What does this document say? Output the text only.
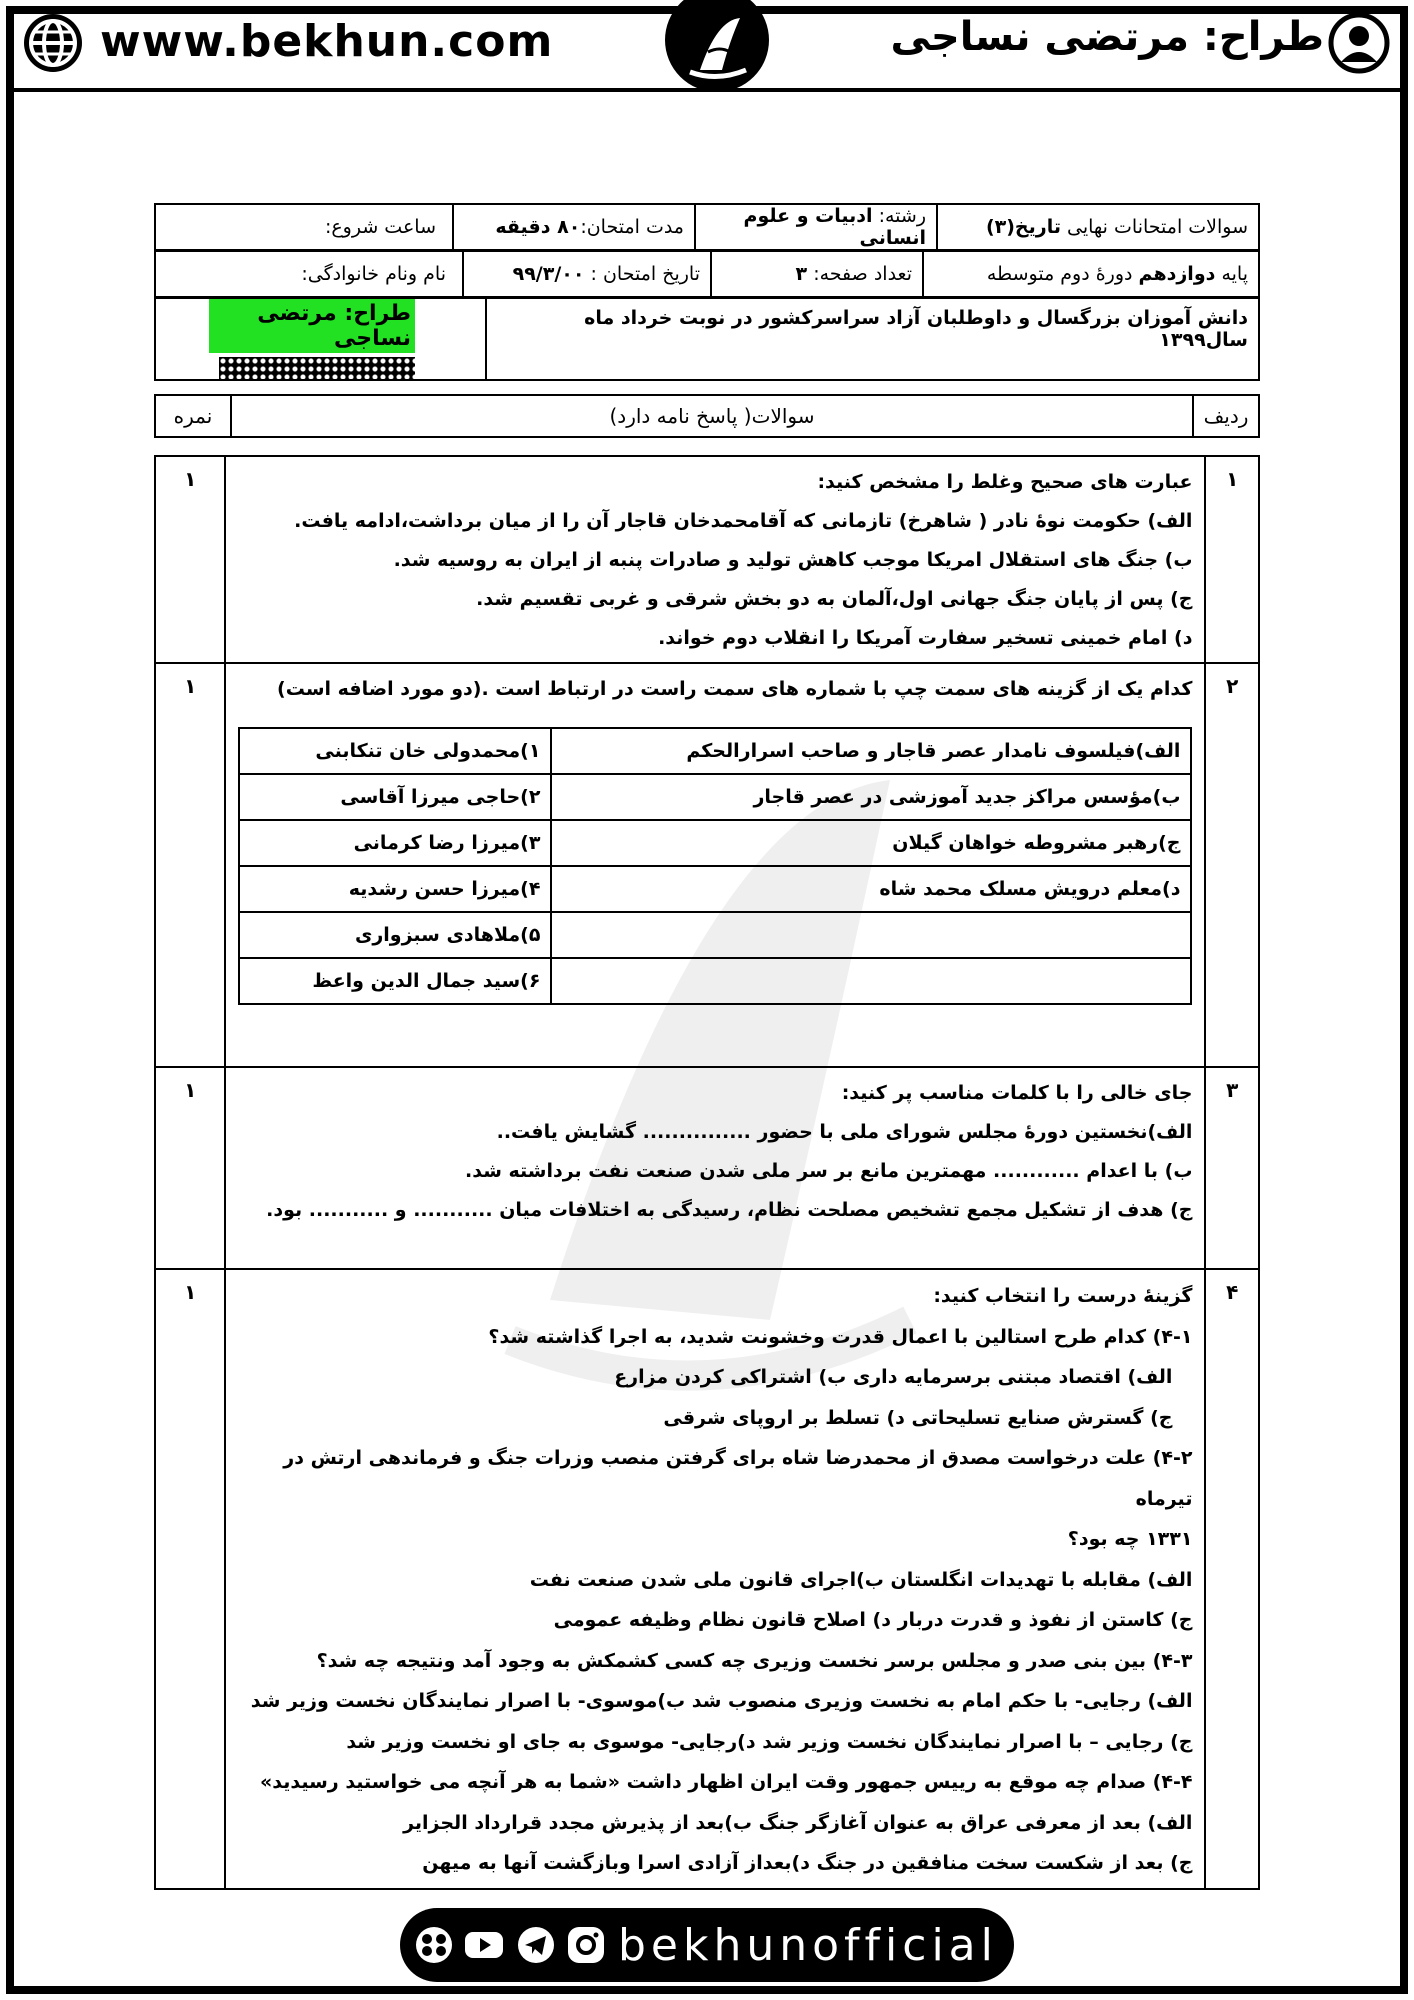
www.bekhun.com	طراح: مرتضی نساجی
سوالات امتحانات نهایی تاریخ(۳)	رشته: ادبیات و علوم انسانی	مدت امتحان:۸۰ دقیقه	ساعت شروع:
پایه دوازدهم دورهٔ دوم متوسطه	تعداد صفحه: ۳	تاریخ امتحان : ۹۹/۳/۰۰	نام ونام خانوادگی:
دانش آموزان بزرگسال و داوطلبان آزاد سراسرکشور در نوبت خرداد ماه سال۱۳۹۹	
طراح: مرتضی نساجی
ردیف	سوالات( پاسخ نامه دارد)	نمره
۱	

عبارت های صحیح وغلط را مشخص کنید:

الف) حکومت نوهٔ نادر ( شاهرخ) تازمانی که آقامحمدخان قاجار آن را از میان برداشت،ادامه یافت.

ب) جنگ های استقلال امریکا موجب کاهش تولید و صادرات پنبه از ایران به روسیه شد.

ج) پس از پایان جنگ جهانی اول،آلمان به دو بخش شرقی و غربی تقسیم شد.

د) امام خمینی تسخیر سفارت آمریکا را انقلاب دوم خواند.

	۱
۲	

کدام یک از گزینه های سمت چپ با شماره های سمت راست در ارتباط است .(دو مورد اضافه است)

الف)فیلسوف نامدار عصر قاجار و صاحب اسرارالحکم	۱)محمدولی خان تنکابنی
ب)مؤسس مراکز جدید آموزشی در عصر قاجار	۲)حاجی میرزا آقاسی
ج)رهبر مشروطه خواهان گیلان	۳)میرزا رضا کرمانی
د)معلم درویش مسلک محمد شاه	۴)میرزا حسن رشدیه
	۵)ملاهادی سبزواری
	۶)سید جمال الدین واعظ
	۱
۳	

جای خالی را با کلمات مناسب پر کنید:

الف)نخستین دورهٔ مجلس شورای ملی با حضور ............... گشایش یافت..

ب) با اعدام ............ مهمترین مانع بر سر ملی شدن صنعت نفت برداشته شد.

ج) هدف از تشکیل مجمع تشخیص مصلحت نظام، رسیدگی به اختلافات میان ........... و ........... بود.

	۱
۴	

گزینهٔ درست را انتخاب کنید:

۴-۱) کدام طرح استالین با اعمال قدرت وخشونت شدید، به اجرا گذاشته شد؟

الف) اقتصاد مبتنی برسرمایه داری ب) اشتراکی کردن مزارع

ج) گسترش صنایع تسلیحاتی د) تسلط بر اروپای شرقی

۴-۲) علت درخواست مصدق از محمدرضا شاه برای گرفتن منصب وزرات جنگ و فرماندهی ارتش در تیرماه

۱۳۳۱ چه بود؟

الف) مقابله با تهدیدات انگلستان ب)اجرای قانون ملی شدن صنعت نفت

ج) کاستن از نفوذ و قدرت دربار د) اصلاح قانون نظام وظیفه عمومی

۴-۳) بین بنی صدر و مجلس برسر نخست وزیری چه کسی کشمکش به وجود آمد ونتیجه چه شد؟

الف) رجایی- با حکم امام به نخست وزیری منصوب شد ب)موسوی- با اصرار نمایندگان نخست وزیر شد

ج) رجایی – با اصرار نمایندگان نخست وزیر شد د)رجایی- موسوی به جای او نخست وزیر شد

۴-۴) صدام چه موقع به رییس جمهور وقت ایران اظهار داشت «شما به هر آنچه می خواستید رسیدید»

الف) بعد از معرفی عراق به عنوان آغازگر جنگ ب)بعد از پذیرش مجدد قرارداد الجزایر

ج) بعد از شکست سخت منافقین در جنگ د)بعداز آزادی اسرا وبازگشت آنها به میهن

	۱
bekhunofficial
